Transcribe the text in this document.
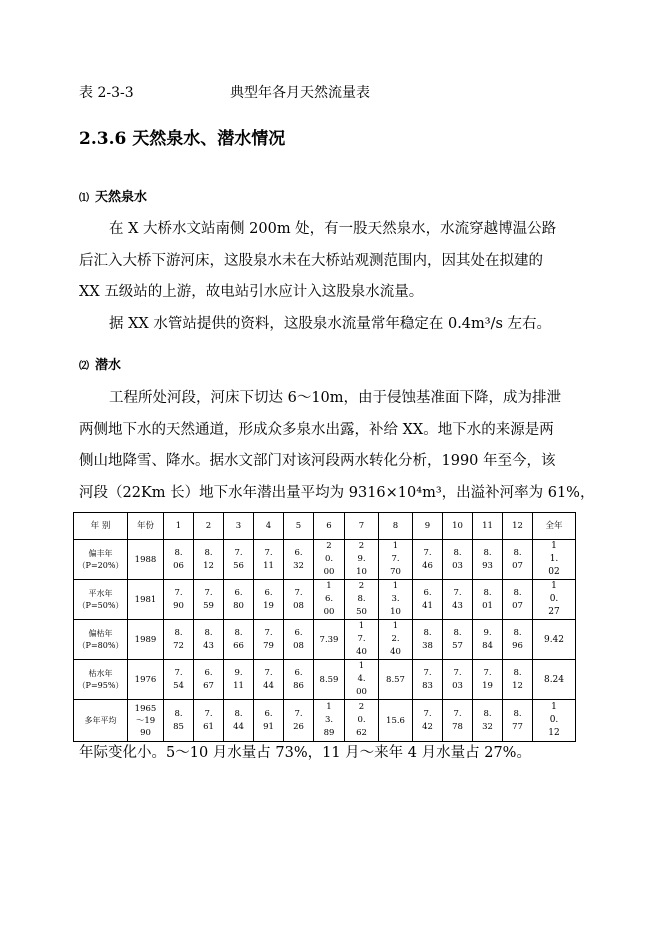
表 2-3-3	典型年各月天然流量表
2.3.6 天然泉水、潜水情况
⑴ 天然泉水
在 X 大桥水文站南侧 200m 处，有一股天然泉水，水流穿越博温公路
后汇入大桥下游河床，这股泉水未在大桥站观测范围内，因其处在拟建的
XX 五级站的上游，故电站引水应计入这股泉水流量。
据 XX 水管站提供的资料，这股泉水流量常年稳定在 0.4m³/s 左右。
⑵ 潜水
工程所处河段，河床下切达 6～10m，由于侵蚀基准面下降，成为排泄
两侧地下水的天然通道，形成众多泉水出露，补给 XX。地下水的来源是两
侧山地降雪、降水。据水文部门对该河段两水转化分析，1990 年至今，该
河段（22Km 长）地下水年潜出量平均为 9316×10⁴m³，出溢补河率为 61%，
年 别	年份	1	2	3	4	5	6	7	8	9	10	11	12	全年
偏丰年（P=20%）	1988	8.06	8.12	7.56	7.11	6.32	20.00	29.10	17.70	7.46	8.03	8.93	8.07	11.02
平水年（P=50%）	1981	7.90	7.59	6.80	6.19	7.08	16.00	28.50	13.10	6.41	7.43	8.01	8.07	10.27
偏枯年（P=80%）	1989	8.72	8.43	8.66	7.79	6.08	7.39	17.40	12.40	8.38	8.57	9.84	8.96	9.42
枯水年（P=95%）	1976	7.54	6.67	9.11	7.44	6.86	8.59	14.00	8.57	7.83	7.03	7.19	8.12	8.24
多年平均	1965～1990	8.85	7.61	8.44	6.91	7.26	13.89	20.62	15.6	7.42	7.78	8.32	8.77	10.12
年际变化小。5～10 月水量占 73%，11 月～来年 4 月水量占 27%。
